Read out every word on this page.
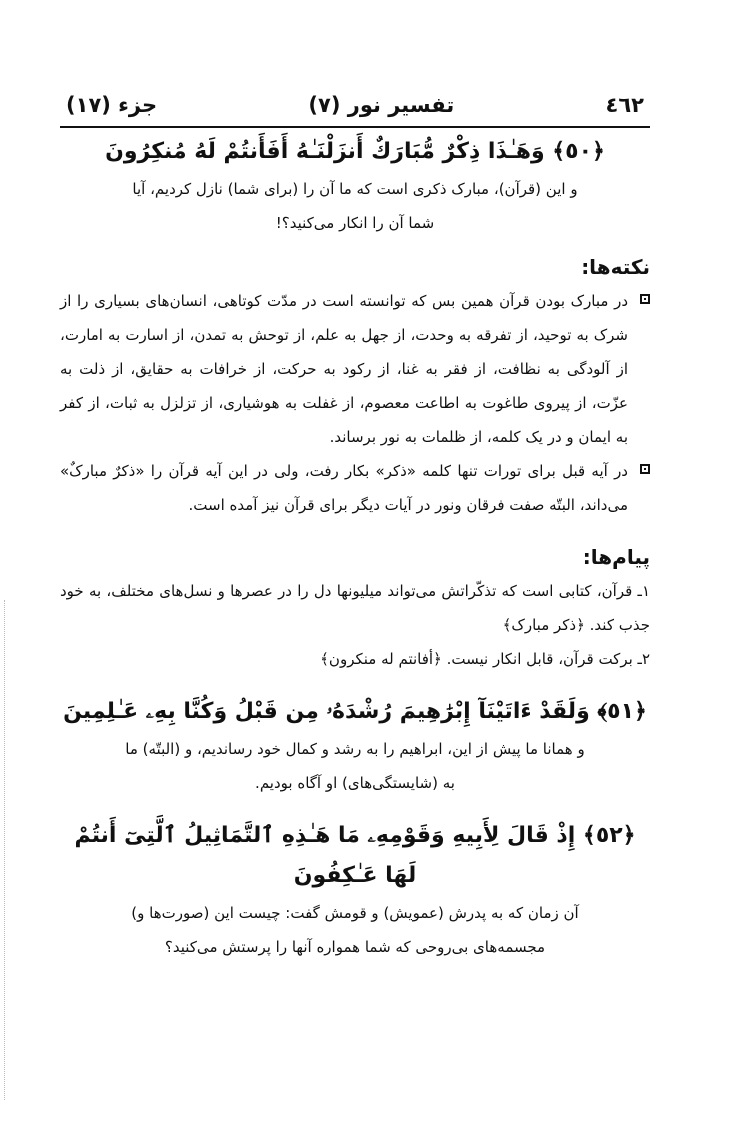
٤٦٢
تفسیر نور (۷)
جزء (۱۷)
﴿٥٠﴾ وَهَـٰذَا ذِكْرٌ مُّبَارَكٌ أَنزَلْنَـٰهُ أَفَأَنتُمْ لَهُ مُنكِرُونَ
و این (قرآن)، مبارک ذکری است که ما آن را (برای شما) نازل کردیم، آیا
شما آن را انکار می‌کنید؟!
نکته‌ها:
در مبارک بودن قرآن همین بس که توانسته است در مدّت کوتاهی، انسان‌های بسیاری را از شرک به توحید، از تفرقه به وحدت، از جهل به علم، از توحش به تمدن، از اسارت به امارت، از آلودگی به نظافت، از فقر به غنا، از رکود به حرکت، از خرافات به حقایق، از ذلت به عزّت، از پیروی طاغوت به اطاعت معصوم، از غفلت به هوشیاری، از تزلزل به ثبات، از کفر به ایمان و در یک کلمه، از ظلمات به نور برساند.
در آیه قبل برای تورات تنها کلمه «ذکر» بکار رفت، ولی در این آیه قرآن را «ذکرٌ مبارکٌ» می‌داند، البتّه صفت فرقان ونور در آیات دیگر برای قرآن نیز آمده است.
پیام‌ها:
۱ـ قرآن، کتابی است که تذکّراتش می‌تواند میلیونها دل را در عصرها و نسل‌های مختلف، به خود جذب کند. ﴿ذکر مبارک﴾
۲ـ برکت قرآن، قابل انکار نیست. ﴿أفانتم له منکرون﴾
﴿٥١﴾ وَلَقَدْ ءَاتَيْنَآ إِبْرَٰهِيمَ رُشْدَهُۥ مِن قَبْلُ وَكُنَّا بِهِۦ عَـٰلِمِينَ
و همانا ما پیش از این، ابراهیم را به رشد و کمال خود رساندیم، و (البتّه) ما
به (شایستگی‌های) او آگاه بودیم.
﴿٥٢﴾ إِذْ قَالَ لِأَبِيهِ وَقَوْمِهِۦ مَا هَـٰذِهِ ٱلتَّمَاثِيلُ ٱلَّتِىٓ أَنتُمْ لَهَا عَـٰكِفُونَ
آن زمان که به پدرش (عمویش) و قومش گفت: چیست این (صورت‌ها و)
مجسمه‌های بی‌روحی که شما همواره آنها را پرستش می‌کنید؟
